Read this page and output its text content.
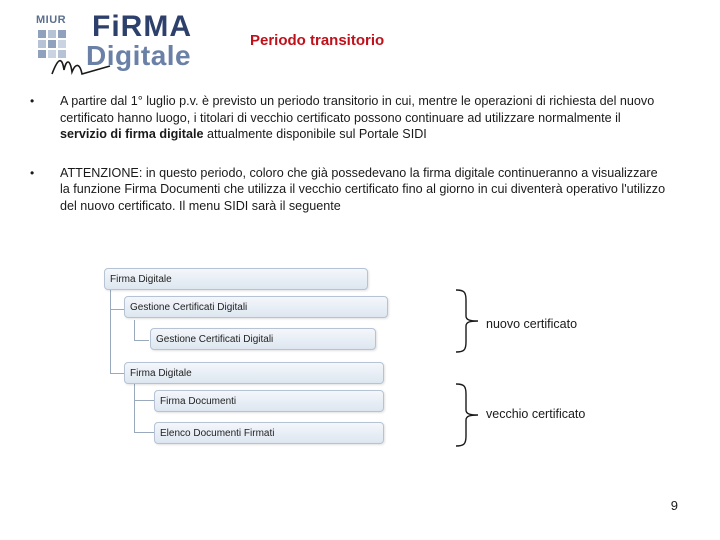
MIUR FiRMA
Digitale	Periodo transitorio
• A partire dal 1° luglio p.v. è previsto un periodo transitorio in cui, mentre le operazioni di richiesta del nuovo certificato hanno luogo, i titolari di vecchio certificato possono continuare ad utilizzare normalmente il servizio di firma digitale attualmente disponibile sul Portale SIDI
• ATTENZIONE: in questo periodo, coloro che già possedevano la firma digitale continueranno a visualizzare la funzione Firma Documenti che utilizza il vecchio certificato fino al giorno in cui diventerà operativo l'utilizzo del nuovo certificato. Il menu SIDI sarà il seguente
Firma Digitale
Gestione Certificati Digitali
Gestione Certificati Digitali
Firma Digitale
Firma Documenti
Elenco Documenti Firmati
nuovo certificato
vecchio certificato
9
